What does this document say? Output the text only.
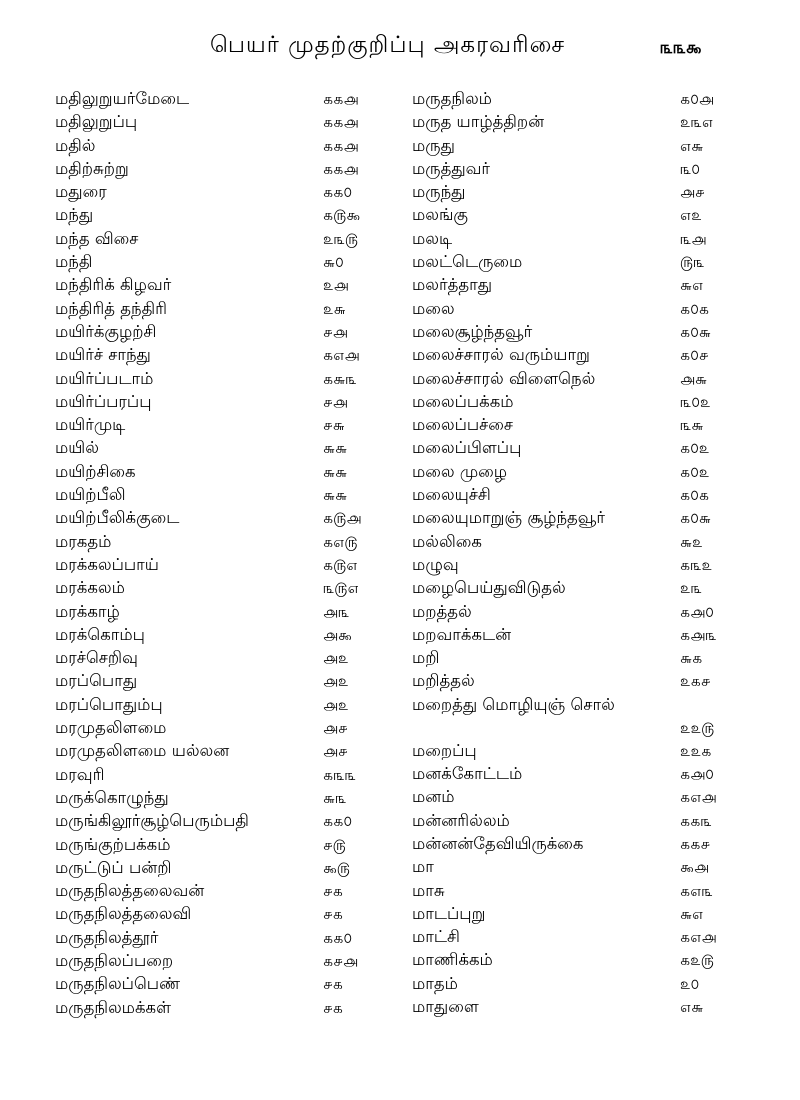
பெயர் முதற்குறிப்பு அகரவரிசை	௩௩௯
மதிலுறுயர்மேடை	௧௧௮
மதிலுறுப்பு	௧௧௮
மதில்	௧௧௮
மதிற்சுற்று	௧௧௮
மதுரை	௧௧௦
மந்து	௧௫௯
மந்த விசை	௨௩௫
மந்தி	௬௦
மந்திரிக் கிழவர்	௨௮
மந்திரித் தந்திரி	௨௬
மயிர்க்குழற்சி	௪௮
மயிர்ச் சாந்து	௧௭௮
மயிர்ப்படாம்	௧௬௩
மயிர்ப்பரப்பு	௪௮
மயிர்முடி	௪௬
மயில்	௬௬
மயிற்சிகை	௬௬
மயிற்பீலி	௬௬
மயிற்பீலிக்குடை	௧௫௮
மரகதம்	௧௭௫
மரக்கலப்பாய்	௧௫௭
மரக்கலம்	௩௫௭
மரக்காழ்	௮௩
மரக்கொம்பு	௮௯
மரச்செறிவு	௮௨
மரப்பொது	௮௨
மரப்பொதும்பு	௮௨
மரமுதலிளமை	௮௪
மரமுதலிளமை யல்லன	௮௪
மரவுரி	௧௩௩
மருக்கொழுந்து	௬௩
மருங்கிலூர்சூழ்பெரும்பதி	௧௧௦
மருங்குற்பக்கம்	௪௫
மருட்டுப் பன்றி	௯௫
மருதநிலத்தலைவன்	௪௧
மருதநிலத்தலைவி	௪௧
மருதநிலத்தூர்	௧௧௦
மருதநிலப்பறை	௧௪௮
மருதநிலப்பெண்	௪௧
மருதநிலமக்கள்	௪௧
மருதநிலம்	௧௦௮
மருத யாழ்த்திறன்	௨௩௭
மருது	௭௬
மருத்துவர்	௩௦
மருந்து	௮௪
மலங்கு	௭௨
மலடி	௩௮
மலட்டெருமை	௫௩
மலர்த்தாது	௬௭
மலை	௧௦௧
மலைசூழ்ந்தவூர்	௧௦௬
மலைச்சாரல் வரும்யாறு	௧௦௪
மலைச்சாரல் விளைநெல்	௮௬
மலைப்பக்கம்	௩௦௨
மலைப்பச்சை	௩௬
மலைப்பிளப்பு	௧௦௨
மலை முழை	௧௦௨
மலையுச்சி	௧௦௧
மலையுமாறுஞ் சூழ்ந்தவூர்	௧௦௬
மல்லிகை	௬௨
மழுவு	௧௩௨
மழைபெய்துவிடுதல்	௨௩
மறத்தல்	௧௮௦
மறவாக்கடன்	௧௮௩
மறி	௬௧
மறித்தல்	௨௧௪
மறைத்து மொழியுஞ் சொல்
௨௨௫
மறைப்பு	௨௨௧
மனக்கோட்டம்	௧௮௦
மனம்	௧௭௮
மன்னரில்லம்	௧௧௩
மன்னன்தேவியிருக்கை	௧௧௪
மா	௯௮
மாசு	௧௭௩
மாடப்புறு	௬௭
மாட்சி	௧௭௮
மாணிக்கம்	௧௨௫
மாதம்	௨௦
மாதுளை	௭௬
